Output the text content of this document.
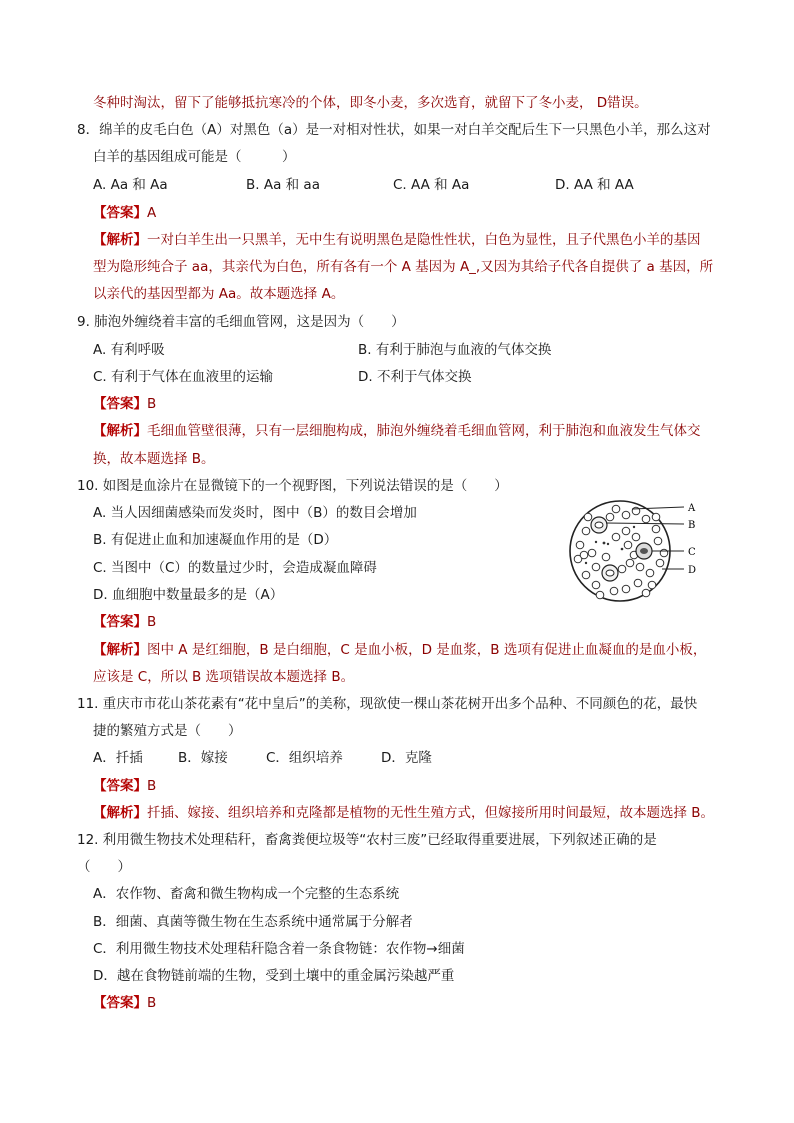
冬种时淘汰，留下了能够抵抗寒冷的个体，即冬小麦，多次选育，就留下了冬小麦， D错误。
8．绵羊的皮毛白色（A）对黑色（a）是一对相对性状，如果一对白羊交配后生下一只黑色小羊，那么这对
白羊的基因组成可能是（　　　）
A. Aa 和 Aa	B. Aa 和 aa	C. AA 和 Aa	D. AA 和 AA
【答案】A
【解析】一对白羊生出一只黑羊，无中生有说明黑色是隐性性状，白色为显性，且子代黑色小羊的基因
型为隐形纯合子 aa，其亲代为白色，所有各有一个 A 基因为 A_,又因为其给子代各自提供了 a 基因，所
以亲代的基因型都为 Aa。故本题选择 A。
9. 肺泡外缠绕着丰富的毛细血管网，这是因为（　　）
A. 有利呼吸	B. 有利于肺泡与血液的气体交换
C. 有利于气体在血液里的运输	D. 不利于气体交换
【答案】B
【解析】毛细血管壁很薄，只有一层细胞构成，肺泡外缠绕着毛细血管网，利于肺泡和血液发生气体交
换，故本题选择 B。
10. 如图是血涂片在显微镜下的一个视野图，下列说法错误的是（　　）
A. 当人因细菌感染而发炎时，图中（B）的数目会增加
B. 有促进止血和加速凝血作用的是（D）
C. 当图中（C）的数量过少时，会造成凝血障碍
D. 血细胞中数量最多的是（A）
A
B
C
D
【答案】B
【解析】图中 A 是红细胞，B 是白细胞，C 是血小板，D 是血浆，B 选项有促进止血凝血的是血小板，
应该是 C，所以 B 选项错误故本题选择 B。
11. 重庆市市花山茶花素有“花中皇后”的美称，现欲使一棵山茶花树开出多个品种、不同颜色的花，最快
捷的繁殖方式是（　　）
A．扦插	B．嫁接	C．组织培养	D．克隆
【答案】B
【解析】扦插、嫁接、组织培养和克隆都是植物的无性生殖方式，但嫁接所用时间最短，故本题选择 B。
12. 利用微生物技术处理秸秆，畜禽粪便垃圾等“农村三废”已经取得重要进展，下列叙述正确的是
（　　）
A．农作物、畜禽和微生物构成一个完整的生态系统
B．细菌、真菌等微生物在生态系统中通常属于分解者
C．利用微生物技术处理秸秆隐含着一条食物链：农作物→细菌
D．越在食物链前端的生物，受到土壤中的重金属污染越严重
【答案】B
